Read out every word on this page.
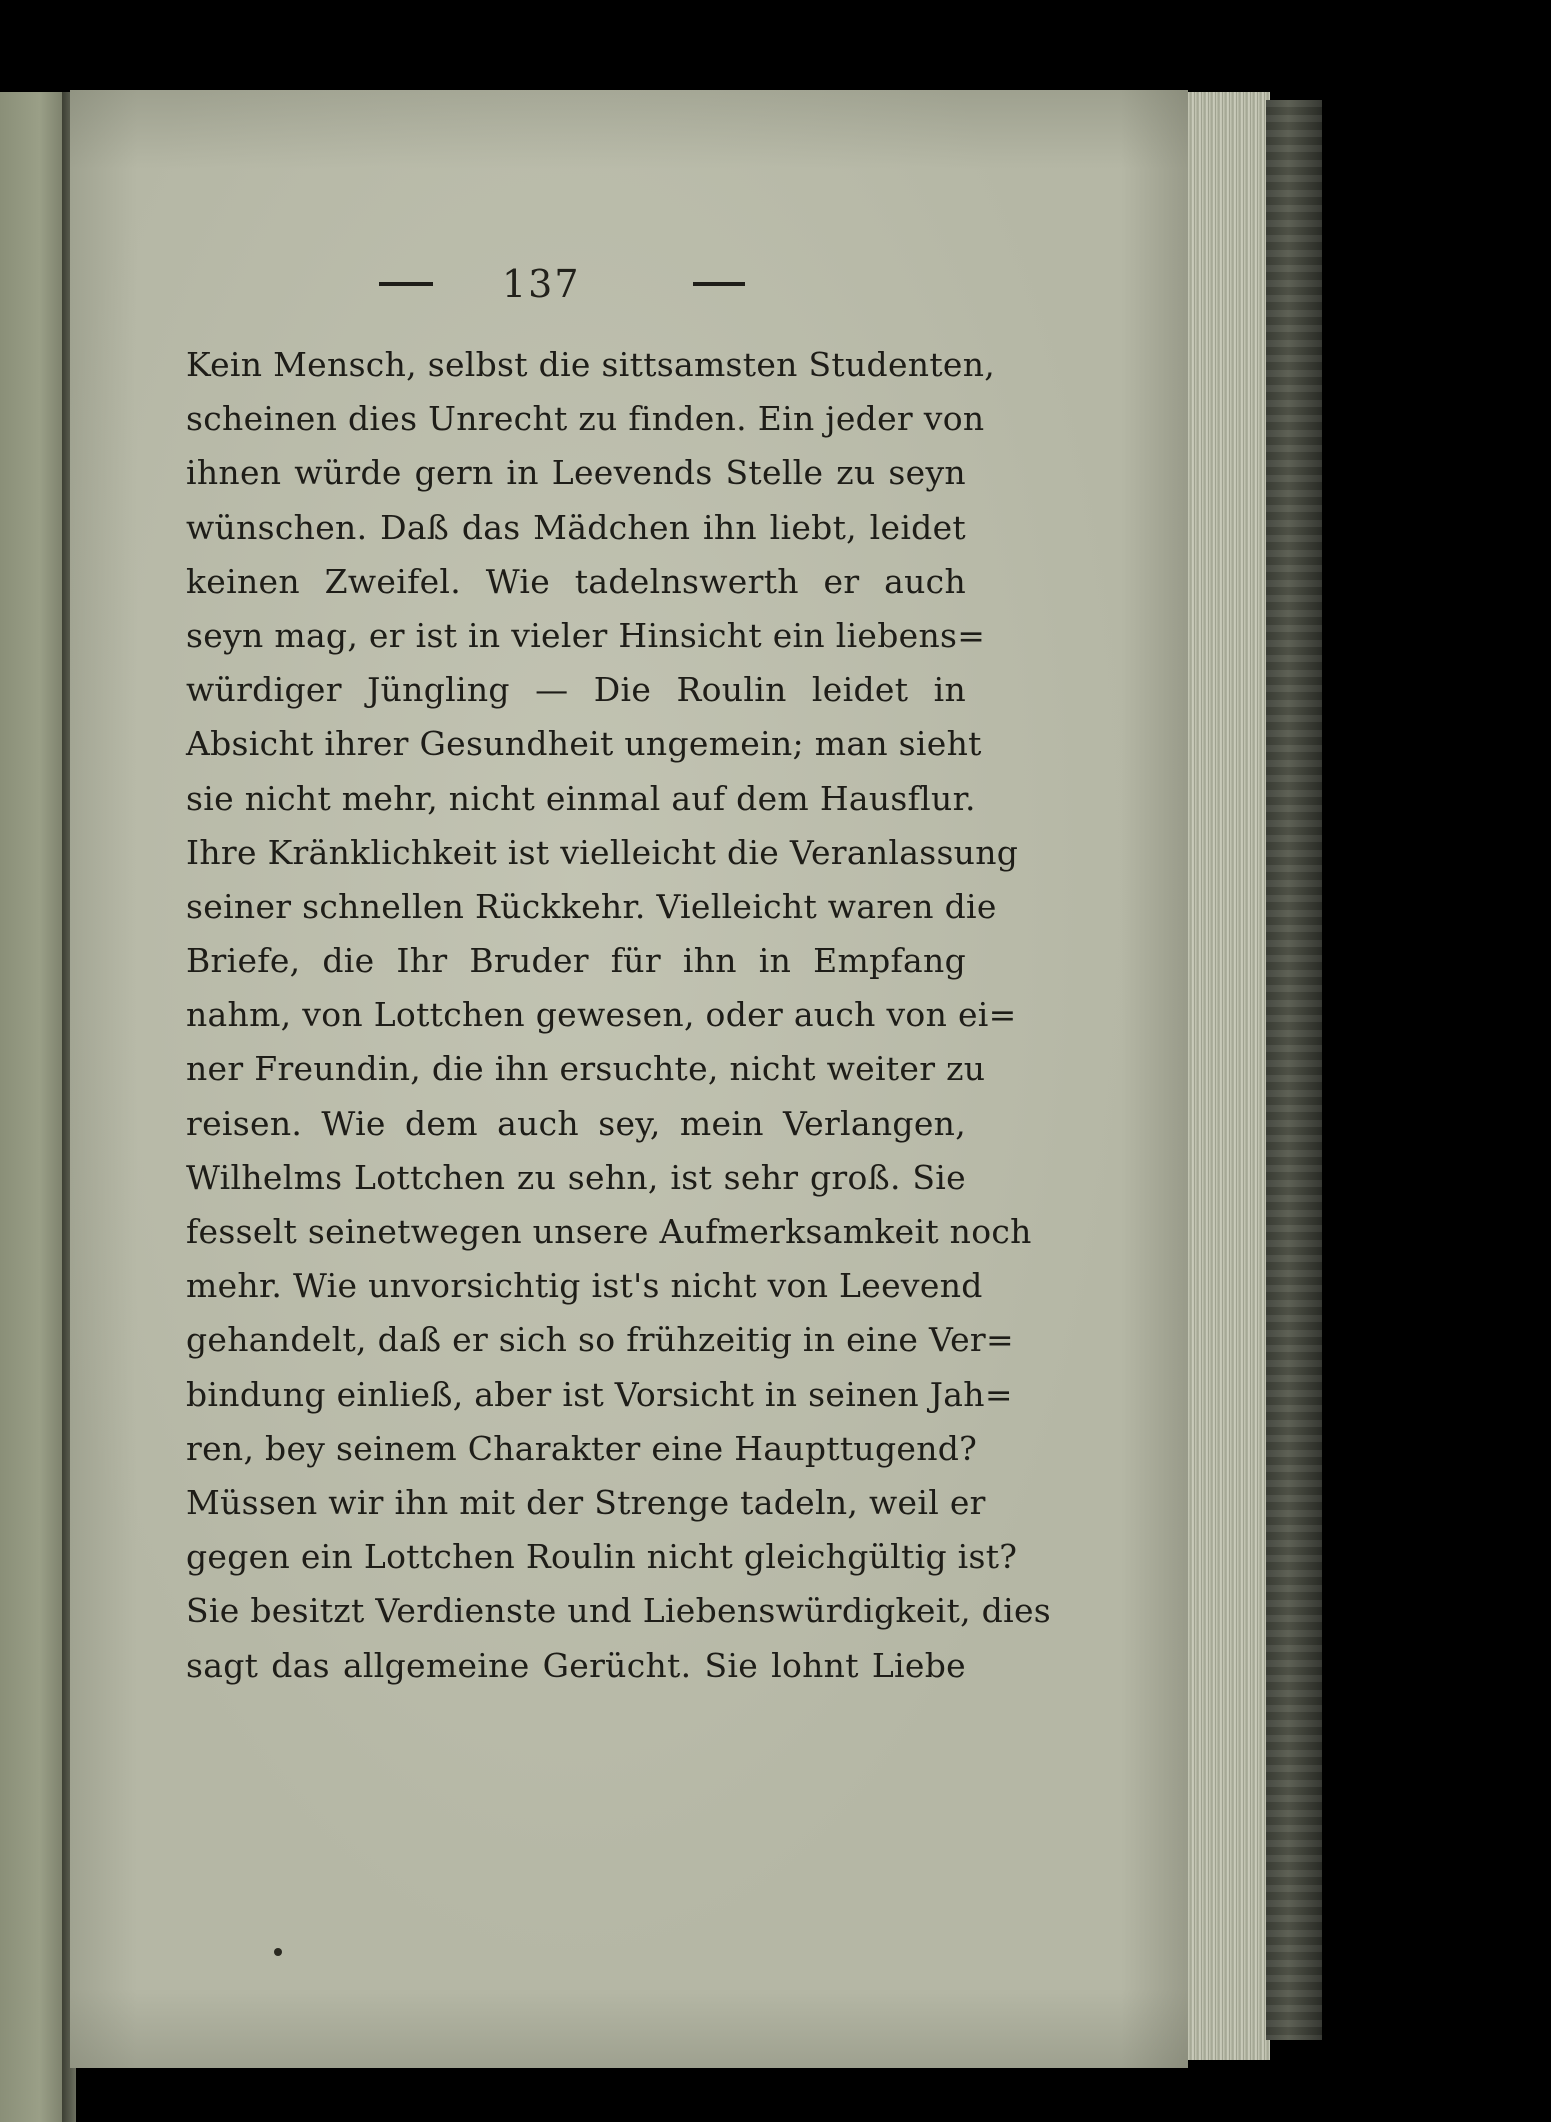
137
Kein Mensch, selbst die sittsamsten Studenten,
scheinen dies Unrecht zu finden. Ein jeder von
ihnen würde gern in Leevends Stelle zu seyn
wünschen. Daß das Mädchen ihn liebt, leidet
keinen Zweifel. Wie tadelnswerth er auch
seyn mag, er ist in vieler Hinsicht ein liebens=
würdiger Jüngling — Die Roulin leidet in
Absicht ihrer Gesundheit ungemein; man sieht
sie nicht mehr, nicht einmal auf dem Hausflur.
Ihre Kränklichkeit ist vielleicht die Veranlassung
seiner schnellen Rückkehr. Vielleicht waren die
Briefe, die Ihr Bruder für ihn in Empfang
nahm, von Lottchen gewesen, oder auch von ei=
ner Freundin, die ihn ersuchte, nicht weiter zu
reisen. Wie dem auch sey, mein Verlangen,
Wilhelms Lottchen zu sehn, ist sehr groß. Sie
fesselt seinetwegen unsere Aufmerksamkeit noch
mehr. Wie unvorsichtig ist's nicht von Leevend
gehandelt, daß er sich so frühzeitig in eine Ver=
bindung einließ, aber ist Vorsicht in seinen Jah=
ren, bey seinem Charakter eine Haupttugend?
Müssen wir ihn mit der Strenge tadeln, weil er
gegen ein Lottchen Roulin nicht gleichgültig ist?
Sie besitzt Verdienste und Liebenswürdigkeit, dies
sagt das allgemeine Gerücht. Sie lohnt Liebe
